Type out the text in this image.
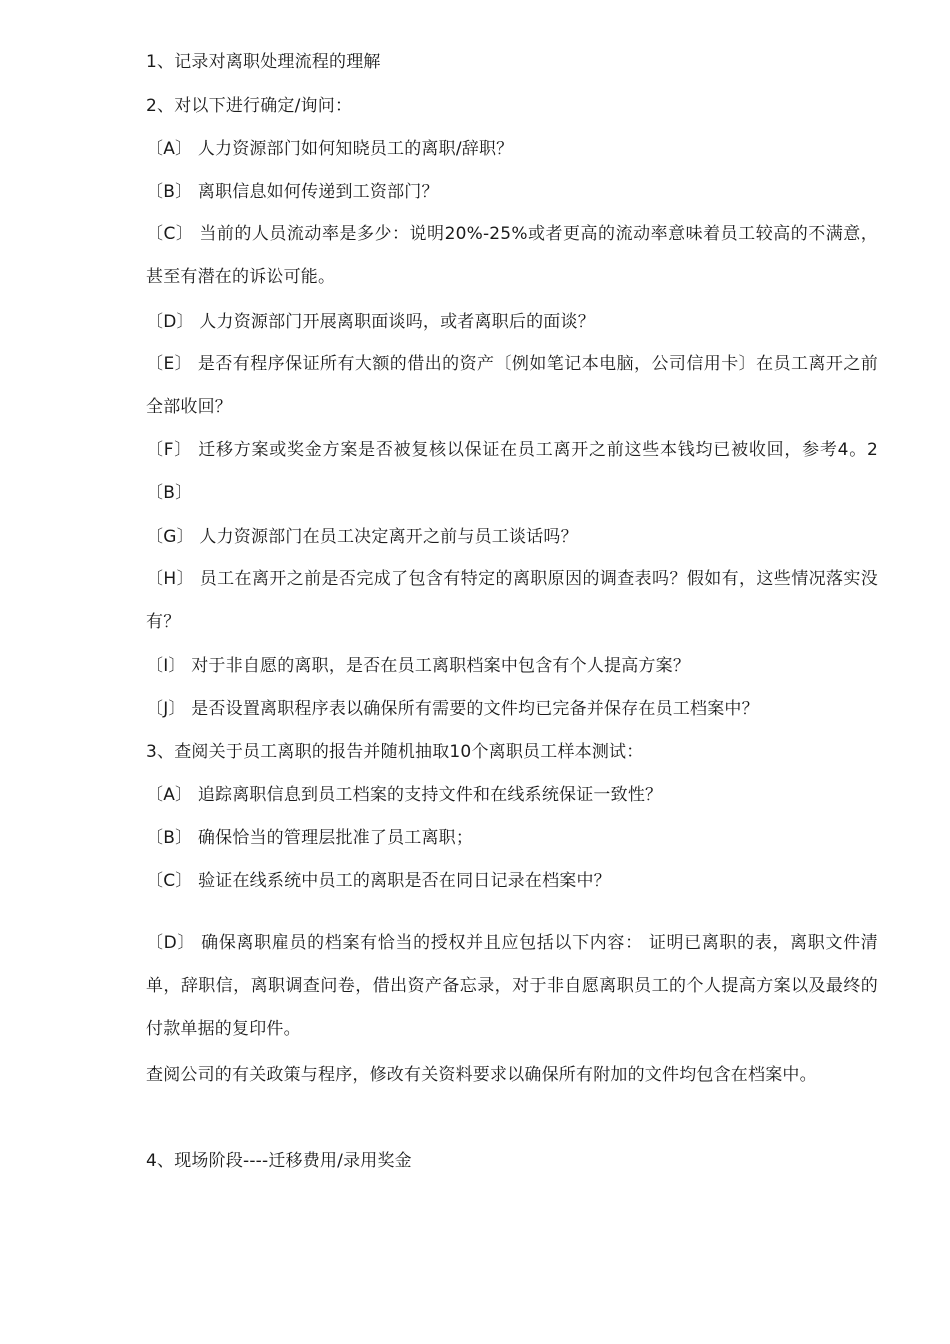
1、记录对离职处理流程的理解
2、对以下进行确定/询问：
〔A〕 人力资源部门如何知晓员工的离职/辞职？
〔B〕 离职信息如何传递到工资部门？
〔C〕 当前的人员流动率是多少：说明20%-25%或者更高的流动率意味着员工较高的不满意，甚至有潜在的诉讼可能。
〔D〕 人力资源部门开展离职面谈吗，或者离职后的面谈？
〔E〕 是否有程序保证所有大额的借出的资产〔例如笔记本电脑，公司信用卡〕在员工离开之前全部收回？
〔F〕 迁移方案或奖金方案是否被复核以保证在员工离开之前这些本钱均已被收回，参考4。2〔B〕
〔G〕 人力资源部门在员工决定离开之前与员工谈话吗？
〔H〕 员工在离开之前是否完成了包含有特定的离职原因的调查表吗？假如有，这些情况落实没有？
〔I〕 对于非自愿的离职，是否在员工离职档案中包含有个人提高方案？
〔J〕 是否设置离职程序表以确保所有需要的文件均已完备并保存在员工档案中？
3、查阅关于员工离职的报告并随机抽取10个离职员工样本测试：
〔A〕 追踪离职信息到员工档案的支持文件和在线系统保证一致性？
〔B〕 确保恰当的管理层批准了员工离职；
〔C〕 验证在线系统中员工的离职是否在同日记录在档案中？
〔D〕 确保离职雇员的档案有恰当的授权并且应包括以下内容： 证明已离职的表，离职文件清单，辞职信，离职调查问卷，借出资产备忘录，对于非自愿离职员工的个人提高方案以及最终的付款单据的复印件。
查阅公司的有关政策与程序，修改有关资料要求以确保所有附加的文件均包含在档案中。
4、现场阶段----迁移费用/录用奖金
